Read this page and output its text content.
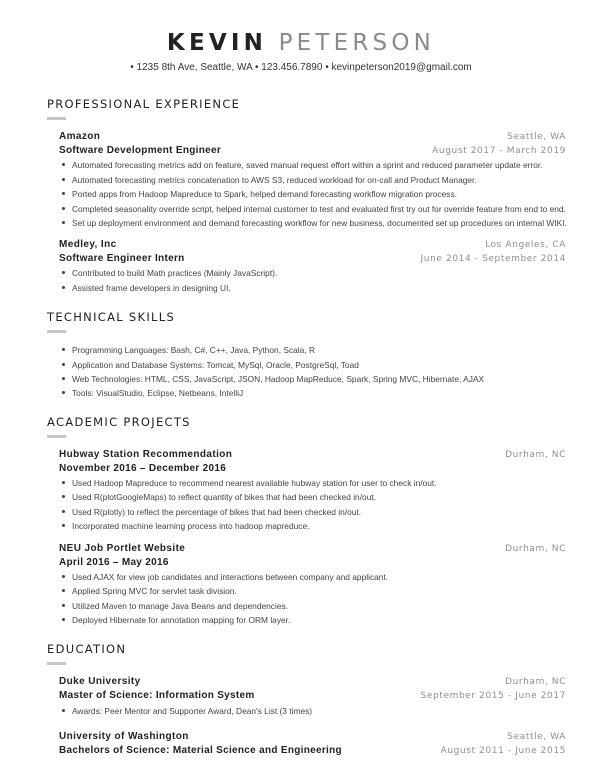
KEVIN PETERSON
• 1235 8th Ave, Seattle, WA • 123.456.7890 • kevinpeterson2019@gmail.com
PROFESSIONAL EXPERIENCE
Amazon	Seattle, WA
Software Development Engineer	August 2017 - March 2019
Automated forecasting metrics add on feature, saved manual request effort within a sprint and reduced parameter update error.
Automated forecasting metrics concatenation to AWS S3, reduced workload for on-call and Product Manager.
Ported apps from Hadoop Mapreduce to Spark, helped demand forecasting workflow migration process.
Completed seasonality override script, helped internal customer to test and evaluated first try out for override feature from end to end.
Set up deployment environment and demand forecasting workflow for new business, documented set up procedures on internal WIKI.
Medley, Inc	Los Angeles, CA
Software Engineer Intern	June 2014 - September 2014
Contributed to build Math practices (Mainly JavaScript).
Assisted frame developers in designing UI.
TECHNICAL SKILLS
Programming Languages: Bash, C#, C++, Java, Python, Scala, R
Application and Database Systems: Tomcat, MySql, Oracle, PostgreSql, Toad
Web Technologies: HTML, CSS, JavaScript, JSON, Hadoop MapReduce, Spark, Spring MVC, Hibernate, AJAX
Tools: VisualStudio, Eclipse, Netbeans, IntelliJ
ACADEMIC PROJECTS
Hubway Station Recommendation	Durham, NC
November 2016 – December 2016
Used Hadoop Mapreduce to recommend nearest available hubway station for user to check in/out.
Used R(plotGoogleMaps) to reflect quantity of bikes that had been checked in/out.
Used R(plotly) to reflect the percentage of bikes that had been checked in/out.
Incorporated machine learning process into hadoop mapreduce.
NEU Job Portlet Website	Durham, NC
April 2016 – May 2016
Used AJAX for view job candidates and interactions between company and applicant.
Applied Spring MVC for servlet task division.
Utilized Maven to manage Java Beans and dependencies.
Deployed Hibernate for annotation mapping for ORM layer.
EDUCATION
Duke University	Durham, NC
Master of Science: Information System	September 2015 - June 2017
Awards: Peer Mentor and Supporter Award, Dean's List (3 times)
University of Washington	Seattle, WA
Bachelors of Science: Material Science and Engineering	August 2011 - June 2015
